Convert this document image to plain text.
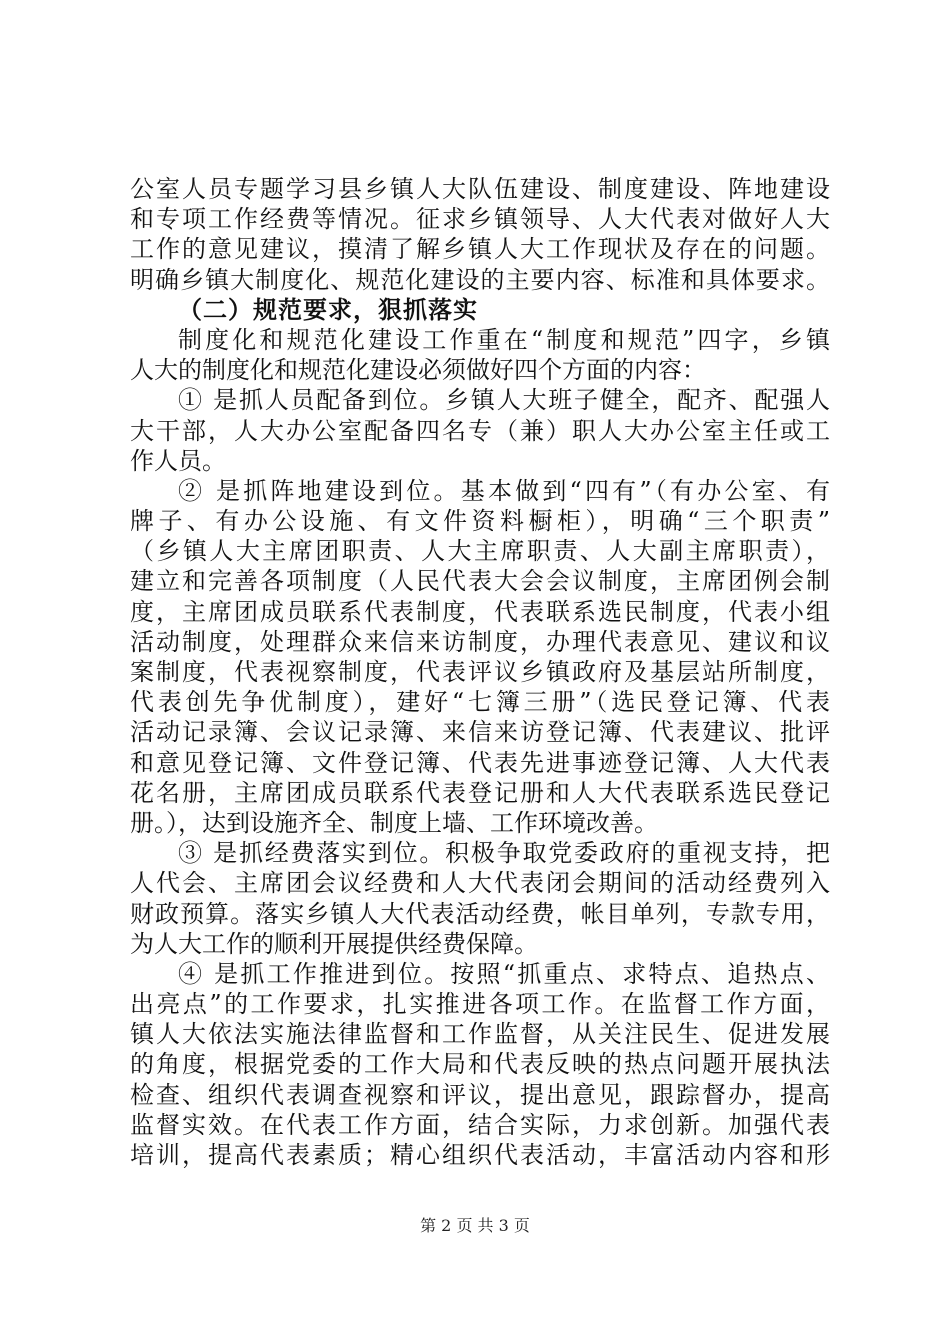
公室人员专题学习县乡镇人大队伍建设、制度建设、阵地建设
和专项工作经费等情况。征求乡镇领导、人大代表对做好人大
工作的意见建议，摸清了解乡镇人大工作现状及存在的问题。
明确乡镇大制度化、规范化建设的主要内容、标准和具体要求。
（二）规范要求，狠抓落实
制度化和规范化建设工作重在“制度和规范”四字，乡镇
人大的制度化和规范化建设必须做好四个方面的内容：
① 是抓人员配备到位。乡镇人大班子健全，配齐、配强人
大干部，人大办公室配备四名专（兼）职人大办公室主任或工
作人员。
② 是抓阵地建设到位。基本做到“四有”（有办公室、有
牌子、有办公设施、有文件资料橱柜），明确“三个职责”
（乡镇人大主席团职责、人大主席职责、人大副主席职责），
建立和完善各项制度（人民代表大会会议制度，主席团例会制
度，主席团成员联系代表制度，代表联系选民制度，代表小组
活动制度，处理群众来信来访制度，办理代表意见、建议和议
案制度，代表视察制度，代表评议乡镇政府及基层站所制度，
代表创先争优制度），建好“七簿三册”（选民登记簿、代表
活动记录簿、会议记录簿、来信来访登记簿、代表建议、批评
和意见登记簿、文件登记簿、代表先进事迹登记簿、人大代表
花名册，主席团成员联系代表登记册和人大代表联系选民登记
册。），达到设施齐全、制度上墙、工作环境改善。
③ 是抓经费落实到位。积极争取党委政府的重视支持，把
人代会、主席团会议经费和人大代表闭会期间的活动经费列入
财政预算。落实乡镇人大代表活动经费，帐目单列，专款专用，
为人大工作的顺利开展提供经费保障。
④ 是抓工作推进到位。按照“抓重点、求特点、追热点、
出亮点”的工作要求，扎实推进各项工作。在监督工作方面，
镇人大依法实施法律监督和工作监督，从关注民生、促进发展
的角度，根据党委的工作大局和代表反映的热点问题开展执法
检查、组织代表调查视察和评议，提出意见，跟踪督办，提高
监督实效。在代表工作方面，结合实际，力求创新。加强代表
培训，提高代表素质；精心组织代表活动，丰富活动内容和形
第 2 页 共 3 页
